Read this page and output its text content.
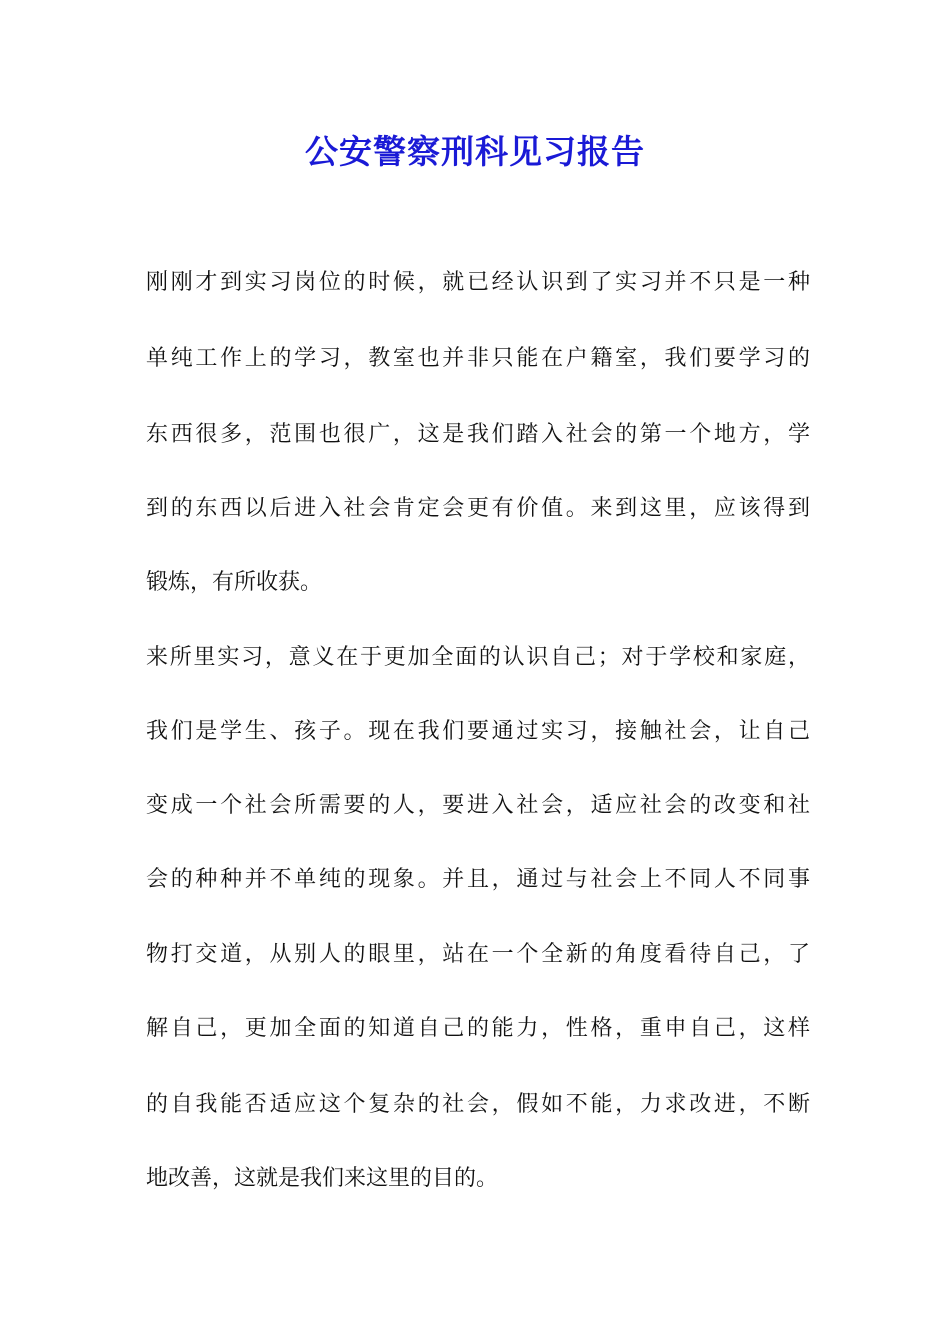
公安警察刑科见习报告
刚刚才到实习岗位的时候，就已经认识到了实习并不只是一种
单纯工作上的学习，教室也并非只能在户籍室，我们要学习的
东西很多，范围也很广，这是我们踏入社会的第一个地方，学
到的东西以后进入社会肯定会更有价值。来到这里，应该得到
锻炼，有所收获。
来所里实习，意义在于更加全面的认识自己；对于学校和家庭，
我们是学生、孩子。现在我们要通过实习，接触社会，让自己
变成一个社会所需要的人，要进入社会，适应社会的改变和社
会的种种并不单纯的现象。并且，通过与社会上不同人不同事
物打交道，从别人的眼里，站在一个全新的角度看待自己，了
解自己，更加全面的知道自己的能力，性格，重申自己，这样
的自我能否适应这个复杂的社会，假如不能，力求改进，不断
地改善，这就是我们来这里的目的。
